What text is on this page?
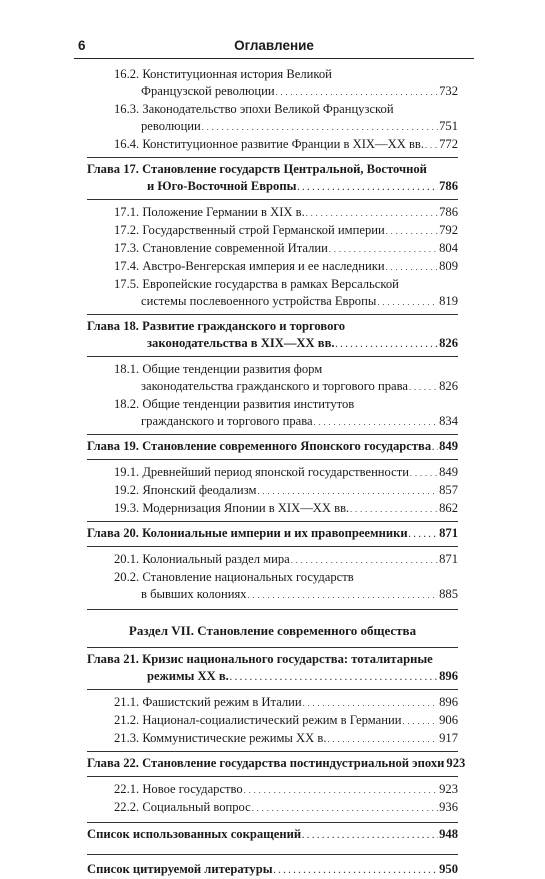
6	Оглавление
16.2. Конституционная история Великой
Французской революции . . .	732
16.3. Законодательство эпохи Великой Французской
революции . . .	751
16.4. Конституционное развитие Франции в XIX—XX вв. . . . 772
Глава 17. Становление государств Центральной, Восточной
и Юго-Восточной Европы . . .	786
17.1. Положение Германии в XIX в. . . .	786
17.2. Государственный строй Германской империи . . .	792
17.3. Становление современной Италии . . .	804
17.4. Австро-Венгерская империя и ее наследники . . .	809
17.5. Европейские государства в рамках Версальской
системы послевоенного устройства Европы . . .	819
Глава 18. Развитие гражданского и торгового
законодательства в XIX—XX вв. . . .	826
18.1. Общие тенденции развития форм
законодательства гражданского и торгового права . . . 826
18.2. Общие тенденции развития институтов
гражданского и торгового права . . .	834
Глава 19. Становление современного Японского государства . . . 849
19.1. Древнейший период японской государственности . . . 849
19.2. Японский феодализм . . .	857
19.3. Модернизация Японии в XIX—XX вв. . . .	862
Глава 20. Колониальные империи и их правопреемники . . . 871
20.1. Колониальный раздел мира . . .	871
20.2. Становление национальных государств
в бывших колониях . . .	885
Раздел VII. Становление современного общества
Глава 21. Кризис национального государства: тоталитарные
режимы XX в. . . .	896
21.1. Фашистский режим в Италии . . .	896
21.2. Национал-социалистический режим в Германии . . .	906
21.3. Коммунистические режимы XX в. . . .	917
Глава 22. Становление государства постиндустриальной эпохи 923
22.1. Новое государство . . .	923
22.2. Социальный вопрос . . .	936
Список использованных сокращений . . .	948
Список цитируемой литературы . . .	950
